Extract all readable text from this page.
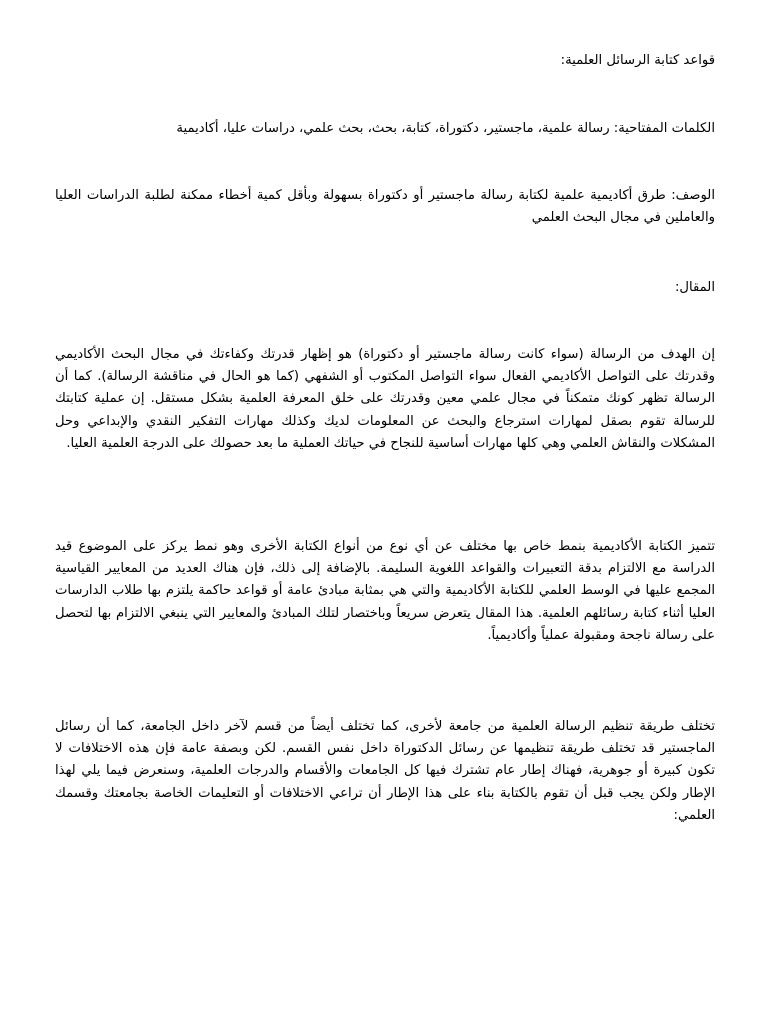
قواعد كتابة الرسائل العلمية:

الكلمات المفتاحية: رسالة علمية، ماجستير، دكتوراة، كتابة، بحث، بحث علمي، دراسات عليا، أكاديمية

الوصف: طرق أكاديمية علمية لكتابة رسالة ماجستير أو دكتوراة بسهولة وبأقل كمية أخطاء ممكنة لطلبة الدراسات العليا والعاملين في مجال البحث العلمي

المقال:

إن الهدف من الرسالة (سواء كانت رسالة ماجستير أو دكتوراة) هو إظهار قدرتك وكفاءتك في مجال البحث الأكاديمي وقدرتك على التواصل الأكاديمي الفعال سواء التواصل المكتوب أو الشفهي (كما هو الحال في مناقشة الرسالة). كما أن الرسالة تظهر كونك متمكناً في مجال علمي معين وقدرتك على خلق المعرفة العلمية بشكل مستقل. إن عملية كتابتك للرسالة تقوم بصقل لمهارات استرجاع والبحث عن المعلومات لديك وكذلك مهارات التفكير النقدي والإبداعي وحل المشكلات والنقاش العلمي وهي كلها مهارات أساسية للنجاح في حياتك العملية ما بعد حصولك على الدرجة العلمية العليا.

تتميز الكتابة الأكاديمية بنمط خاص بها مختلف عن أي نوع من أنواع الكتابة الأخرى وهو نمط يركز على الموضوع قيد الدراسة مع الالتزام بدقة التعبيرات والقواعد اللغوية السليمة. بالإضافة إلى ذلك، فإن هناك العديد من المعايير القياسية المجمع عليها في الوسط العلمي للكتابة الأكاديمية والتي هي بمثابة مبادئ عامة أو قواعد حاكمة يلتزم بها طلاب الدارسات العليا أثناء كتابة رسائلهم العلمية. هذا المقال يتعرض سريعاً وباختصار لتلك المبادئ والمعايير التي ينبغي الالتزام بها لتحصل على رسالة ناجحة ومقبولة عملياً وأكاديمياً.

تختلف طريقة تنظيم الرسالة العلمية من جامعة لأخرى، كما تختلف أيضاً من قسم لآخر داخل الجامعة، كما أن رسائل الماجستير قد تختلف طريقة تنظيمها عن رسائل الدكتوراة داخل نفس القسم. لكن وبصفة عامة فإن هذه الاختلافات لا تكون كبيرة أو جوهرية، فهناك إطار عام تشترك فيها كل الجامعات والأقسام والدرجات العلمية، وسنعرض فيما يلي لهذا الإطار ولكن يجب قبل أن تقوم بالكتابة بناء على هذا الإطار أن تراعي الاختلافات أو التعليمات الخاصة بجامعتك وقسمك العلمي:
